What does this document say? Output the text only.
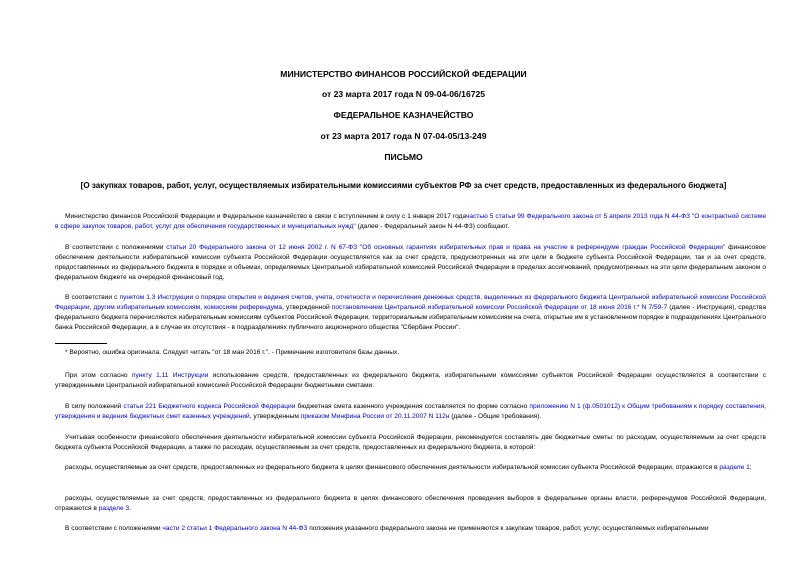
МИНИСТЕРСТВО ФИНАНСОВ РОССИЙСКОЙ ФЕДЕРАЦИИ
от 23 марта 2017 года N 09-04-06/16725
ФЕДЕРАЛЬНОЕ КАЗНАЧЕЙСТВО
от 23 марта 2017 года N 07-04-05/13-249
ПИСЬМО
[О закупках товаров, работ, услуг, осуществляемых избирательными комиссиями субъектов РФ за счет средств, предоставленных из федерального бюджета]
Министерство финансов Российской Федерации и Федеральное казначейство в связи с вступлением в силу с 1 января 2017 годачастью 5 статьи 99 Федерального закона от 5 апреля 2013 года N 44-ФЗ "О контрактной системе в сфере закупок товаров, работ, услуг для обеспечения государственных и муниципальных нужд" (далее - Федеральный закон N 44-ФЗ) сообщают.
В соответствии с положениями статьи 20 Федерального закона от 12 июня 2002 г. N 67-ФЗ "Об основных гарантиях избирательных прав и права на участие в референдуме граждан Российской Федерации" финансовое обеспечение деятельности избирательной комиссии субъекта Российской Федерации осуществляется как за счет средств, предусмотренных на эти цели в бюджете субъекта Российской Федерации, так и за счет средств, предоставленных из федерального бюджета в порядке и объемах, определяемых Центральной избирательной комиссией Российской Федерации в пределах ассигнований, предусмотренных на эти цели федеральным законом о федеральном бюджете на очередной финансовый год.
В соответствии с пунктом 1.3 Инструкции о порядке открытия и ведения счетов, учета, отчетности и перечисления денежных средств, выделенных из федерального бюджета Центральной избирательной комиссии Российской Федерации, другим избирательным комиссиям, комиссиям референдума, утвержденной постановлением Центральной избирательной комиссии Российской Федерации от 18 июня 2016 г.* N 7/59-7 (далее - Инструкция), средства федерального бюджета перечисляются избирательным комиссиям субъектов Российской Федерации, территориальным избирательным комиссиям на счета, открытые им в установленном порядке в подразделениях Центрального банка Российской Федерации, а в случае их отсутствия - в подразделениях публичного акционерного общества "Сбербанк России".
* Вероятно, ошибка оригинала. Следует читать "от 18 мая 2016 г.". - Примечание изготовителя базы данных.
При этом согласно пункту 1.11 Инструкции использование средств, предоставленных из федерального бюджета, избирательными комиссиями субъектов Российской Федерации осуществляется в соответствии с утвержденными Центральной избирательной комиссией Российской Федерации бюджетными сметами.
В силу положений статьи 221 Бюджетного кодекса Российской Федерации бюджетная смета казенного учреждения составляется по форме согласно приложению N 1 (ф.0501012) к Общим требованиям к порядку составления, утверждения и ведения бюджетных смет казенных учреждений, утвержденным приказом Минфина России от 20.11.2007 N 112н (далее - Общие требования).
Учитывая особенности финансового обеспечения деятельности избирательной комиссии субъекта Российской Федерации, рекомендуется составлять две бюджетные сметы: по расходам, осуществляемым за счет средств бюджета субъекта Российской Федерации, а также по расходам, осуществляемым за счет средств, предоставленных из федерального бюджета, в которой:
расходы, осуществляемые за счет средств, предоставленных из федерального бюджета в целях финансового обеспечения деятельности избирательной комиссии субъекта Российской Федерации, отражаются в разделе 1;
расходы, осуществляемые за счет средств, предоставленных из федерального бюджета в целях финансового обеспечения проведения выборов в федеральные органы власти, референдумов Российской Федерации, отражаются в разделе 3.
В соответствии с положениями части 2 статьи 1 Федерального закона N 44-ФЗ положения указанного федерального закона не применяются к закупкам товаров, работ, услуг, осуществляемых избирательными
